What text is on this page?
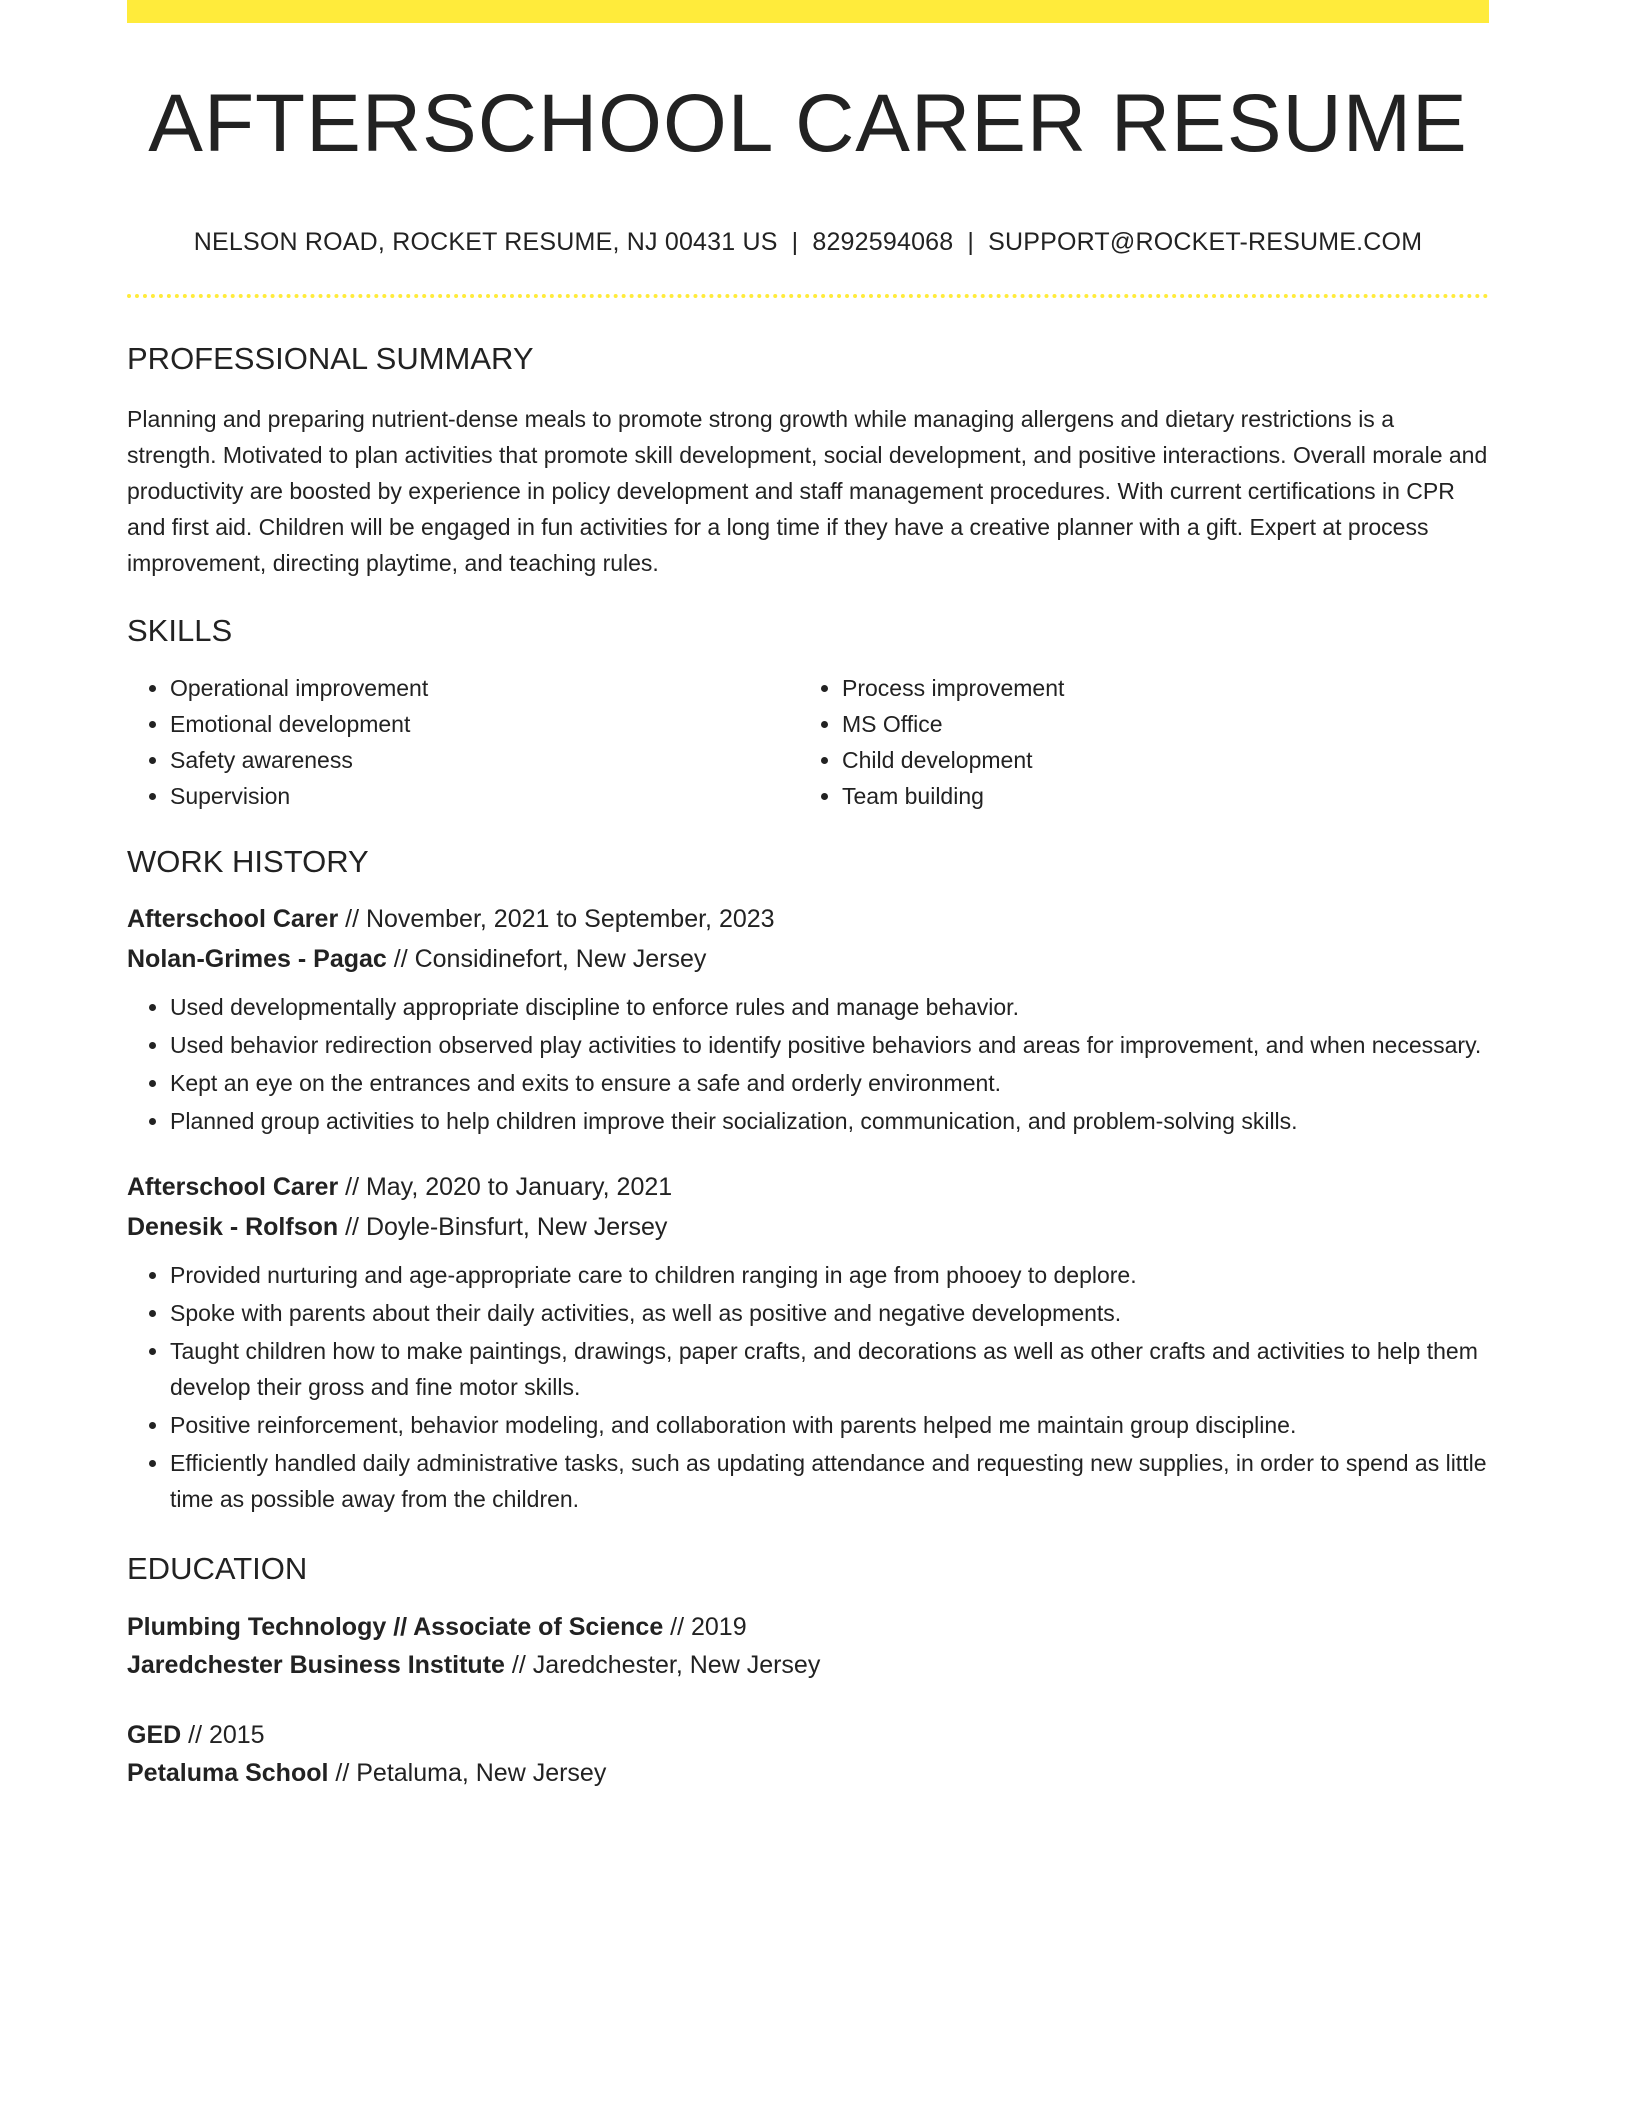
AFTERSCHOOL CARER RESUME
NELSON ROAD, ROCKET RESUME, NJ 00431 US | 8292594068 | SUPPORT@ROCKET-RESUME.COM
PROFESSIONAL SUMMARY

Planning and preparing nutrient-dense meals to promote strong growth while managing allergens and dietary restrictions is a strength. Motivated to plan activities that promote skill development, social development, and positive interactions. Overall morale and productivity are boosted by experience in policy development and staff management procedures. With current certifications in CPR and first aid. Children will be engaged in fun activities for a long time if they have a creative planner with a gift. Expert at process improvement, directing playtime, and teaching rules.

SKILLS
• Operational improvement
• Emotional development
• Safety awareness
• Supervision
• Process improvement
• MS Office
• Child development
• Team building
WORK HISTORY
Afterschool Carer // November, 2021 to September, 2023
Nolan-Grimes - Pagac // Considinefort, New Jersey
• Used developmentally appropriate discipline to enforce rules and manage behavior.
• Used behavior redirection observed play activities to identify positive behaviors and areas for improvement, and when necessary.
• Kept an eye on the entrances and exits to ensure a safe and orderly environment.
• Planned group activities to help children improve their socialization, communication, and problem-solving skills.
Afterschool Carer // May, 2020 to January, 2021
Denesik - Rolfson // Doyle-Binsfurt, New Jersey
• Provided nurturing and age-appropriate care to children ranging in age from phooey to deplore.
• Spoke with parents about their daily activities, as well as positive and negative developments.
• Taught children how to make paintings, drawings, paper crafts, and decorations as well as other crafts and activities to help them develop their gross and fine motor skills.
• Positive reinforcement, behavior modeling, and collaboration with parents helped me maintain group discipline.
• Efficiently handled daily administrative tasks, such as updating attendance and requesting new supplies, in order to spend as little time as possible away from the children.
EDUCATION
Plumbing Technology // Associate of Science // 2019
Jaredchester Business Institute // Jaredchester, New Jersey
GED // 2015
Petaluma School // Petaluma, New Jersey
